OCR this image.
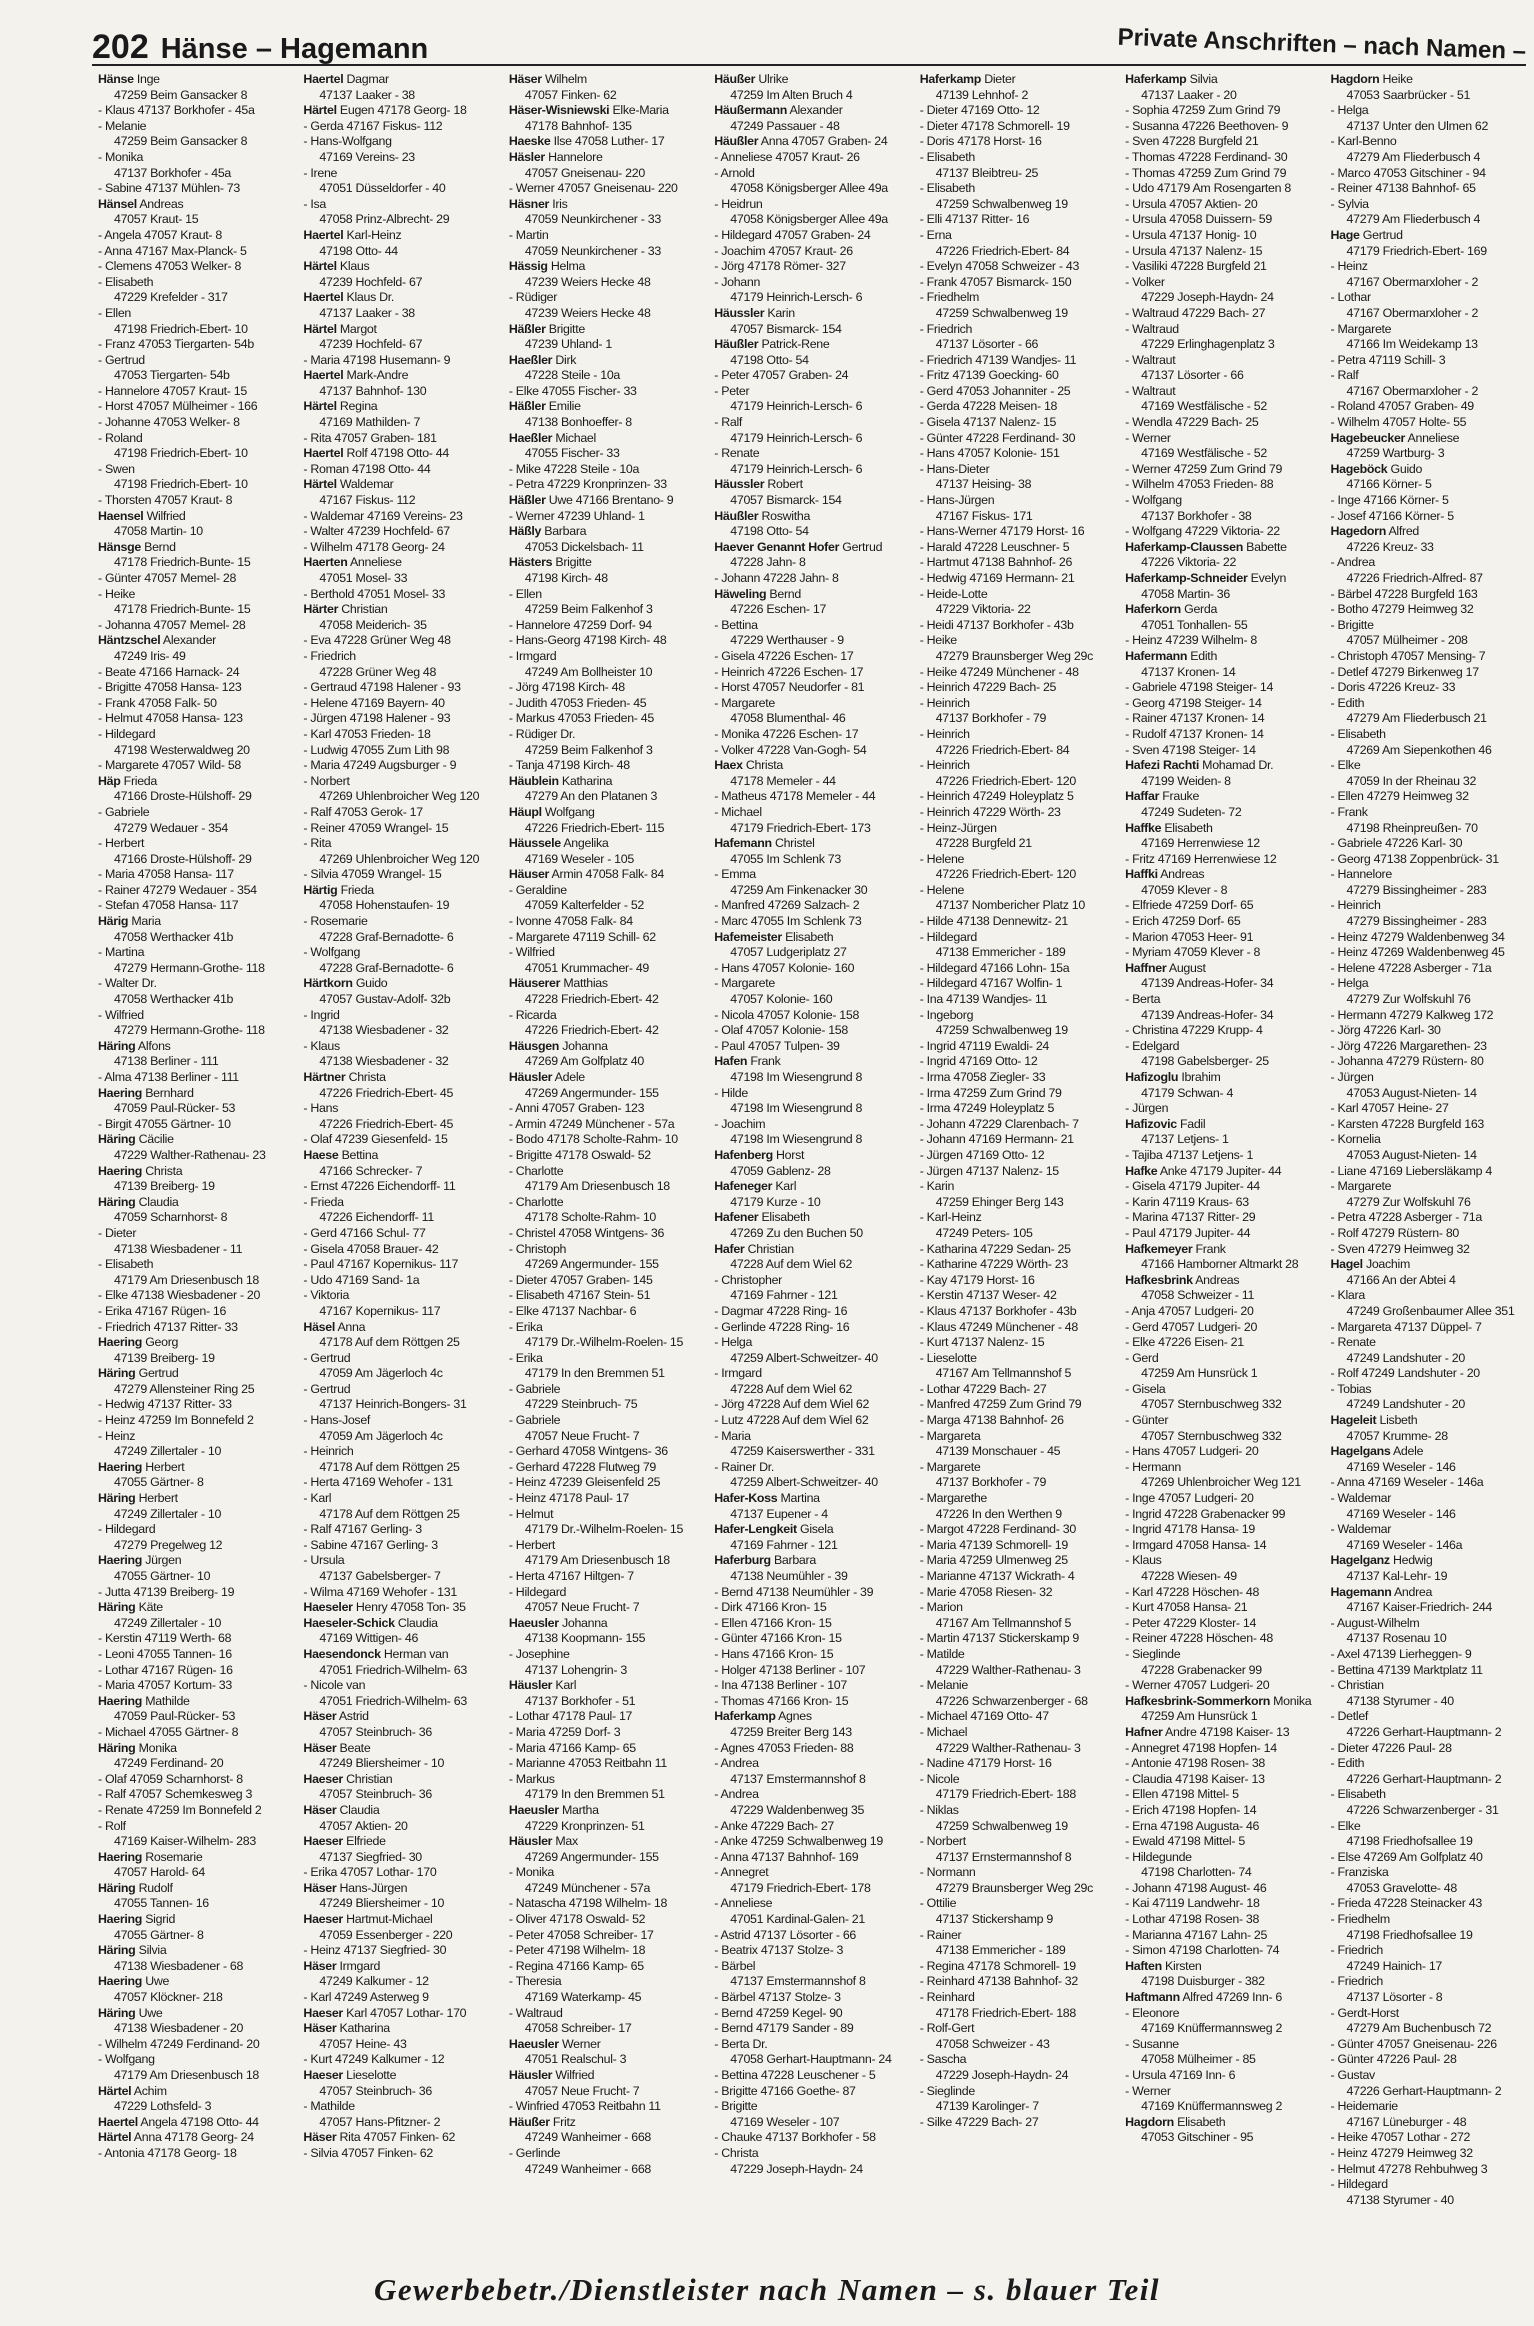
202 Hänse – Hagemann	Private Anschriften – nach Namen –
Hänse Inge
47259 Beim Gansacker 8
- Klaus 47137 Borkhofer - 45a
- Melanie
47259 Beim Gansacker 8
- Monika
47137 Borkhofer - 45a
- Sabine 47137 Mühlen- 73
Hänsel Andreas
47057 Kraut- 15
- Angela 47057 Kraut- 8
- Anna 47167 Max-Planck- 5
- Clemens 47053 Welker- 8
- Elisabeth
47229 Krefelder - 317
- Ellen
47198 Friedrich-Ebert- 10
- Franz 47053 Tiergarten- 54b
- Gertrud
47053 Tiergarten- 54b
- Hannelore 47057 Kraut- 15
- Horst 47057 Mülheimer - 166
- Johanne 47053 Welker- 8
- Roland
47198 Friedrich-Ebert- 10
- Swen
47198 Friedrich-Ebert- 10
- Thorsten 47057 Kraut- 8
Haensel Wilfried
47058 Martin- 10
Hänsge Bernd
47178 Friedrich-Bunte- 15
- Günter 47057 Memel- 28
- Heike
47178 Friedrich-Bunte- 15
- Johanna 47057 Memel- 28
Häntzschel Alexander
47249 Iris- 49
- Beate 47166 Harnack- 24
- Brigitte 47058 Hansa- 123
- Frank 47058 Falk- 50
- Helmut 47058 Hansa- 123
- Hildegard
47198 Westerwaldweg 20
- Margarete 47057 Wild- 58
Häp Frieda
47166 Droste-Hülshoff- 29
- Gabriele
47279 Wedauer - 354
- Herbert
47166 Droste-Hülshoff- 29
- Maria 47058 Hansa- 117
- Rainer 47279 Wedauer - 354
- Stefan 47058 Hansa- 117
Härig Maria
47058 Werthacker 41b
- Martina
47279 Hermann-Grothe- 118
- Walter Dr.
47058 Werthacker 41b
- Wilfried
47279 Hermann-Grothe- 118
Häring Alfons
47138 Berliner - 111
- Alma 47138 Berliner - 111
Haering Bernhard
47059 Paul-Rücker- 53
- Birgit 47055 Gärtner- 10
Häring Cäcilie
47229 Walther-Rathenau- 23
Haering Christa
47139 Breiberg- 19
Häring Claudia
47059 Scharnhorst- 8
- Dieter
47138 Wiesbadener - 11
- Elisabeth
47179 Am Driesenbusch 18
- Elke 47138 Wiesbadener - 20
- Erika 47167 Rügen- 16
- Friedrich 47137 Ritter- 33
Haering Georg
47139 Breiberg- 19
Häring Gertrud
47279 Allensteiner Ring 25
- Hedwig 47137 Ritter- 33
- Heinz 47259 Im Bonnefeld 2
- Heinz
47249 Zillertaler - 10
Haering Herbert
47055 Gärtner- 8
Häring Herbert
47249 Zillertaler - 10
- Hildegard
47279 Pregelweg 12
Haering Jürgen
47055 Gärtner- 10
- Jutta 47139 Breiberg- 19
Häring Käte
47249 Zillertaler - 10
- Kerstin 47119 Werth- 68
- Leoni 47055 Tannen- 16
- Lothar 47167 Rügen- 16
- Maria 47057 Kortum- 33
Haering Mathilde
47059 Paul-Rücker- 53
- Michael 47055 Gärtner- 8
Häring Monika
47249 Ferdinand- 20
- Olaf 47059 Scharnhorst- 8
- Ralf 47057 Schemkesweg 3
- Renate 47259 Im Bonnefeld 2
- Rolf
47169 Kaiser-Wilhelm- 283
Haering Rosemarie
47057 Harold- 64
Häring Rudolf
47055 Tannen- 16
Haering Sigrid
47055 Gärtner- 8
Häring Silvia
47138 Wiesbadener - 68
Haering Uwe
47057 Klöckner- 218
Häring Uwe
47138 Wiesbadener - 20
- Wilhelm 47249 Ferdinand- 20
- Wolfgang
47179 Am Driesenbusch 18
Härtel Achim
47229 Lothsfeld- 3
Haertel Angela 47198 Otto- 44
Härtel Anna 47178 Georg- 24
- Antonia 47178 Georg- 18
Haertel Dagmar
47137 Laaker - 38
Härtel Eugen 47178 Georg- 18
- Gerda 47167 Fiskus- 112
- Hans-Wolfgang
47169 Vereins- 23
- Irene
47051 Düsseldorfer - 40
- Isa
47058 Prinz-Albrecht- 29
Haertel Karl-Heinz
47198 Otto- 44
Härtel Klaus
47239 Hochfeld- 67
Haertel Klaus Dr.
47137 Laaker - 38
Härtel Margot
47239 Hochfeld- 67
- Maria 47198 Husemann- 9
Haertel Mark-Andre
47137 Bahnhof- 130
Härtel Regina
47169 Mathilden- 7
- Rita 47057 Graben- 181
Haertel Rolf 47198 Otto- 44
- Roman 47198 Otto- 44
Härtel Waldemar
47167 Fiskus- 112
- Waldemar 47169 Vereins- 23
- Walter 47239 Hochfeld- 67
- Wilhelm 47178 Georg- 24
Haerten Anneliese
47051 Mosel- 33
- Berthold 47051 Mosel- 33
Härter Christian
47058 Meiderich- 35
- Eva 47228 Grüner Weg 48
- Friedrich
47228 Grüner Weg 48
- Gertraud 47198 Halener - 93
- Helene 47169 Bayern- 40
- Jürgen 47198 Halener - 93
- Karl 47053 Frieden- 18
- Ludwig 47055 Zum Lith 98
- Maria 47249 Augsburger - 9
- Norbert
47269 Uhlenbroicher Weg 120
- Ralf 47053 Gerok- 17
- Reiner 47059 Wrangel- 15
- Rita
47269 Uhlenbroicher Weg 120
- Silvia 47059 Wrangel- 15
Härtig Frieda
47058 Hohenstaufen- 19
- Rosemarie
47228 Graf-Bernadotte- 6
- Wolfgang
47228 Graf-Bernadotte- 6
Härtkorn Guido
47057 Gustav-Adolf- 32b
- Ingrid
47138 Wiesbadener - 32
- Klaus
47138 Wiesbadener - 32
Härtner Christa
47226 Friedrich-Ebert- 45
- Hans
47226 Friedrich-Ebert- 45
- Olaf 47239 Giesenfeld- 15
Haese Bettina
47166 Schrecker- 7
- Ernst 47226 Eichendorff- 11
- Frieda
47226 Eichendorff- 11
- Gerd 47166 Schul- 77
- Gisela 47058 Brauer- 42
- Paul 47167 Kopernikus- 117
- Udo 47169 Sand- 1a
- Viktoria
47167 Kopernikus- 117
Häsel Anna
47178 Auf dem Röttgen 25
- Gertrud
47059 Am Jägerloch 4c
- Gertrud
47137 Heinrich-Bongers- 31
- Hans-Josef
47059 Am Jägerloch 4c
- Heinrich
47178 Auf dem Röttgen 25
- Herta 47169 Wehofer - 131
- Karl
47178 Auf dem Röttgen 25
- Ralf 47167 Gerling- 3
- Sabine 47167 Gerling- 3
- Ursula
47137 Gabelsberger- 7
- Wilma 47169 Wehofer - 131
Haeseler Henry 47058 Ton- 35
Haeseler-Schick Claudia
47169 Wittigen- 46
Haesendonck Herman van
47051 Friedrich-Wilhelm- 63
- Nicole van
47051 Friedrich-Wilhelm- 63
Häser Astrid
47057 Steinbruch- 36
Häser Beate
47249 Bliersheimer - 10
Haeser Christian
47057 Steinbruch- 36
Häser Claudia
47057 Aktien- 20
Haeser Elfriede
47137 Siegfried- 30
- Erika 47057 Lothar- 170
Häser Hans-Jürgen
47249 Bliersheimer - 10
Haeser Hartmut-Michael
47059 Essenberger - 220
- Heinz 47137 Siegfried- 30
Häser Irmgard
47249 Kalkumer - 12
- Karl 47249 Asterweg 9
Haeser Karl 47057 Lothar- 170
Häser Katharina
47057 Heine- 43
- Kurt 47249 Kalkumer - 12
Haeser Lieselotte
47057 Steinbruch- 36
- Mathilde
47057 Hans-Pfitzner- 2
Häser Rita 47057 Finken- 62
- Silvia 47057 Finken- 62
Häser Wilhelm
47057 Finken- 62
Häser-Wisniewski Elke-Maria
47178 Bahnhof- 135
Haeske Ilse 47058 Luther- 17
Häsler Hannelore
47057 Gneisenau- 220
- Werner 47057 Gneisenau- 220
Häsner Iris
47059 Neunkirchener - 33
- Martin
47059 Neunkirchener - 33
Hässig Helma
47239 Weiers Hecke 48
- Rüdiger
47239 Weiers Hecke 48
Häßler Brigitte
47239 Uhland- 1
Haeßler Dirk
47228 Steile - 10a
- Elke 47055 Fischer- 33
Häßler Emilie
47138 Bonhoeffer- 8
Haeßler Michael
47055 Fischer- 33
- Mike 47228 Steile - 10a
- Petra 47229 Kronprinzen- 33
Häßler Uwe 47166 Brentano- 9
- Werner 47239 Uhland- 1
Häßly Barbara
47053 Dickelsbach- 11
Hästers Brigitte
47198 Kirch- 48
- Ellen
47259 Beim Falkenhof 3
- Hannelore 47259 Dorf- 94
- Hans-Georg 47198 Kirch- 48
- Irmgard
47249 Am Bollheister 10
- Jörg 47198 Kirch- 48
- Judith 47053 Frieden- 45
- Markus 47053 Frieden- 45
- Rüdiger Dr.
47259 Beim Falkenhof 3
- Tanja 47198 Kirch- 48
Häublein Katharina
47279 An den Platanen 3
Häupl Wolfgang
47226 Friedrich-Ebert- 115
Häussele Angelika
47169 Weseler - 105
Häuser Armin 47058 Falk- 84
- Geraldine
47059 Kalterfelder - 52
- Ivonne 47058 Falk- 84
- Margarete 47119 Schill- 62
- Wilfried
47051 Krummacher- 49
Häuserer Matthias
47228 Friedrich-Ebert- 42
- Ricarda
47226 Friedrich-Ebert- 42
Häusgen Johanna
47269 Am Golfplatz 40
Häusler Adele
47269 Angermunder- 155
- Anni 47057 Graben- 123
- Armin 47249 Münchener - 57a
- Bodo 47178 Scholte-Rahm- 10
- Brigitte 47178 Oswald- 52
- Charlotte
47179 Am Driesenbusch 18
- Charlotte
47178 Scholte-Rahm- 10
- Christel 47058 Wintgens- 36
- Christoph
47269 Angermunder- 155
- Dieter 47057 Graben- 145
- Elisabeth 47167 Stein- 51
- Elke 47137 Nachbar- 6
- Erika
47179 Dr.-Wilhelm-Roelen- 15
- Erika
47179 In den Bremmen 51
- Gabriele
47229 Steinbruch- 75
- Gabriele
47057 Neue Frucht- 7
- Gerhard 47058 Wintgens- 36
- Gerhard 47228 Flutweg 79
- Heinz 47239 Gleisenfeld 25
- Heinz 47178 Paul- 17
- Helmut
47179 Dr.-Wilhelm-Roelen- 15
- Herbert
47179 Am Driesenbusch 18
- Herta 47167 Hiltgen- 7
- Hildegard
47057 Neue Frucht- 7
Haeusler Johanna
47138 Koopmann- 155
- Josephine
47137 Lohengrin- 3
Häusler Karl
47137 Borkhofer - 51
- Lothar 47178 Paul- 17
- Maria 47259 Dorf- 3
- Maria 47166 Kamp- 65
- Marianne 47053 Reitbahn 11
- Markus
47179 In den Bremmen 51
Haeusler Martha
47229 Kronprinzen- 51
Häusler Max
47269 Angermunder- 155
- Monika
47249 Münchener - 57a
- Natascha 47198 Wilhelm- 18
- Oliver 47178 Oswald- 52
- Peter 47058 Schreiber- 17
- Peter 47198 Wilhelm- 18
- Regina 47166 Kamp- 65
- Theresia
47169 Waterkamp- 45
- Waltraud
47058 Schreiber- 17
Haeusler Werner
47051 Realschul- 3
Häusler Wilfried
47057 Neue Frucht- 7
- Winfried 47053 Reitbahn 11
Häußer Fritz
47249 Wanheimer - 668
- Gerlinde
47249 Wanheimer - 668
Häußer Ulrike
47259 Im Alten Bruch 4
Häußermann Alexander
47249 Passauer - 48
Häußler Anna 47057 Graben- 24
- Anneliese 47057 Kraut- 26
- Arnold
47058 Königsberger Allee 49a
- Heidrun
47058 Königsberger Allee 49a
- Hildegard 47057 Graben- 24
- Joachim 47057 Kraut- 26
- Jörg 47178 Römer- 327
- Johann
47179 Heinrich-Lersch- 6
Häussler Karin
47057 Bismarck- 154
Häußler Patrick-Rene
47198 Otto- 54
- Peter 47057 Graben- 24
- Peter
47179 Heinrich-Lersch- 6
- Ralf
47179 Heinrich-Lersch- 6
- Renate
47179 Heinrich-Lersch- 6
Häussler Robert
47057 Bismarck- 154
Häußler Roswitha
47198 Otto- 54
Haever Genannt Hofer Gertrud
47228 Jahn- 8
- Johann 47228 Jahn- 8
Häweling Bernd
47226 Eschen- 17
- Bettina
47229 Werthauser - 9
- Gisela 47226 Eschen- 17
- Heinrich 47226 Eschen- 17
- Horst 47057 Neudorfer - 81
- Margarete
47058 Blumenthal- 46
- Monika 47226 Eschen- 17
- Volker 47228 Van-Gogh- 54
Haex Christa
47178 Memeler - 44
- Matheus 47178 Memeler - 44
- Michael
47179 Friedrich-Ebert- 173
Hafemann Christel
47055 Im Schlenk 73
- Emma
47259 Am Finkenacker 30
- Manfred 47269 Salzach- 2
- Marc 47055 Im Schlenk 73
Hafemeister Elisabeth
47057 Ludgeriplatz 27
- Hans 47057 Kolonie- 160
- Margarete
47057 Kolonie- 160
- Nicola 47057 Kolonie- 158
- Olaf 47057 Kolonie- 158
- Paul 47057 Tulpen- 39
Hafen Frank
47198 Im Wiesengrund 8
- Hilde
47198 Im Wiesengrund 8
- Joachim
47198 Im Wiesengrund 8
Hafenberg Horst
47059 Gablenz- 28
Hafeneger Karl
47179 Kurze - 10
Hafener Elisabeth
47269 Zu den Buchen 50
Hafer Christian
47228 Auf dem Wiel 62
- Christopher
47169 Fahrner - 121
- Dagmar 47228 Ring- 16
- Gerlinde 47228 Ring- 16
- Helga
47259 Albert-Schweitzer- 40
- Irmgard
47228 Auf dem Wiel 62
- Jörg 47228 Auf dem Wiel 62
- Lutz 47228 Auf dem Wiel 62
- Maria
47259 Kaiserswerther - 331
- Rainer Dr.
47259 Albert-Schweitzer- 40
Hafer-Koss Martina
47137 Eupener - 4
Hafer-Lengkeit Gisela
47169 Fahrner - 121
Haferburg Barbara
47138 Neumühler - 39
- Bernd 47138 Neumühler - 39
- Dirk 47166 Kron- 15
- Ellen 47166 Kron- 15
- Günter 47166 Kron- 15
- Hans 47166 Kron- 15
- Holger 47138 Berliner - 107
- Ina 47138 Berliner - 107
- Thomas 47166 Kron- 15
Haferkamp Agnes
47259 Breiter Berg 143
- Agnes 47053 Frieden- 88
- Andrea
47137 Emstermannshof 8
- Andrea
47229 Waldenbenweg 35
- Anke 47229 Bach- 27
- Anke 47259 Schwalbenweg 19
- Anna 47137 Bahnhof- 169
- Annegret
47179 Friedrich-Ebert- 178
- Anneliese
47051 Kardinal-Galen- 21
- Astrid 47137 Lösorter - 66
- Beatrix 47137 Stolze- 3
- Bärbel
47137 Emstermannshof 8
- Bärbel 47137 Stolze- 3
- Bernd 47259 Kegel- 90
- Bernd 47179 Sander - 89
- Berta Dr.
47058 Gerhart-Hauptmann- 24
- Bettina 47228 Leuschener - 5
- Brigitte 47166 Goethe- 87
- Brigitte
47169 Weseler - 107
- Chauke 47137 Borkhofer - 58
- Christa
47229 Joseph-Haydn- 24
Haferkamp Dieter
47139 Lehnhof- 2
- Dieter 47169 Otto- 12
- Dieter 47178 Schmorell- 19
- Doris 47178 Horst- 16
- Elisabeth
47137 Bleibtreu- 25
- Elisabeth
47259 Schwalbenweg 19
- Elli 47137 Ritter- 16
- Erna
47226 Friedrich-Ebert- 84
- Evelyn 47058 Schweizer - 43
- Frank 47057 Bismarck- 150
- Friedhelm
47259 Schwalbenweg 19
- Friedrich
47137 Lösorter - 66
- Friedrich 47139 Wandjes- 11
- Fritz 47139 Goecking- 60
- Gerd 47053 Johanniter - 25
- Gerda 47228 Meisen- 18
- Gisela 47137 Nalenz- 15
- Günter 47228 Ferdinand- 30
- Hans 47057 Kolonie- 151
- Hans-Dieter
47137 Heising- 38
- Hans-Jürgen
47167 Fiskus- 171
- Hans-Werner 47179 Horst- 16
- Harald 47228 Leuschner- 5
- Hartmut 47138 Bahnhof- 26
- Hedwig 47169 Hermann- 21
- Heide-Lotte
47229 Viktoria- 22
- Heidi 47137 Borkhofer - 43b
- Heike
47279 Braunsberger Weg 29c
- Heike 47249 Münchener - 48
- Heinrich 47229 Bach- 25
- Heinrich
47137 Borkhofer - 79
- Heinrich
47226 Friedrich-Ebert- 84
- Heinrich
47226 Friedrich-Ebert- 120
- Heinrich 47249 Holeyplatz 5
- Heinrich 47229 Wörth- 23
- Heinz-Jürgen
47228 Burgfeld 21
- Helene
47226 Friedrich-Ebert- 120
- Helene
47137 Nombericher Platz 10
- Hilde 47138 Dennewitz- 21
- Hildegard
47138 Emmericher - 189
- Hildegard 47166 Lohn- 15a
- Hildegard 47167 Wolfin- 1
- Ina 47139 Wandjes- 11
- Ingeborg
47259 Schwalbenweg 19
- Ingrid 47119 Ewaldi- 24
- Ingrid 47169 Otto- 12
- Irma 47058 Ziegler- 33
- Irma 47259 Zum Grind 79
- Irma 47249 Holeyplatz 5
- Johann 47229 Clarenbach- 7
- Johann 47169 Hermann- 21
- Jürgen 47169 Otto- 12
- Jürgen 47137 Nalenz- 15
- Karin
47259 Ehinger Berg 143
- Karl-Heinz
47249 Peters- 105
- Katharina 47229 Sedan- 25
- Katharine 47229 Wörth- 23
- Kay 47179 Horst- 16
- Kerstin 47137 Weser- 42
- Klaus 47137 Borkhofer - 43b
- Klaus 47249 Münchener - 48
- Kurt 47137 Nalenz- 15
- Lieselotte
47167 Am Tellmannshof 5
- Lothar 47229 Bach- 27
- Manfred 47259 Zum Grind 79
- Marga 47138 Bahnhof- 26
- Margareta
47139 Monschauer - 45
- Margarete
47137 Borkhofer - 79
- Margarethe
47226 In den Werthen 9
- Margot 47228 Ferdinand- 30
- Maria 47139 Schmorell- 19
- Maria 47259 Ulmenweg 25
- Marianne 47137 Wickrath- 4
- Marie 47058 Riesen- 32
- Marion
47167 Am Tellmannshof 5
- Martin 47137 Stickerskamp 9
- Matilde
47229 Walther-Rathenau- 3
- Melanie
47226 Schwarzenberger - 68
- Michael 47169 Otto- 47
- Michael
47229 Walther-Rathenau- 3
- Nadine 47179 Horst- 16
- Nicole
47179 Friedrich-Ebert- 188
- Niklas
47259 Schwalbenweg 19
- Norbert
47137 Ernstermannshof 8
- Normann
47279 Braunsberger Weg 29c
- Ottilie
47137 Stickershamp 9
- Rainer
47138 Emmericher - 189
- Regina 47178 Schmorell- 19
- Reinhard 47138 Bahnhof- 32
- Reinhard
47178 Friedrich-Ebert- 188
- Rolf-Gert
47058 Schweizer - 43
- Sascha
47229 Joseph-Haydn- 24
- Sieglinde
47139 Karolinger- 7
- Silke 47229 Bach- 27
Haferkamp Silvia
47137 Laaker - 20
- Sophia 47259 Zum Grind 79
- Susanna 47226 Beethoven- 9
- Sven 47228 Burgfeld 21
- Thomas 47228 Ferdinand- 30
- Thomas 47259 Zum Grind 79
- Udo 47179 Am Rosengarten 8
- Ursula 47057 Aktien- 20
- Ursula 47058 Duissern- 59
- Ursula 47137 Honig- 10
- Ursula 47137 Nalenz- 15
- Vasiliki 47228 Burgfeld 21
- Volker
47229 Joseph-Haydn- 24
- Waltraud 47229 Bach- 27
- Waltraud
47229 Erlinghagenplatz 3
- Waltraut
47137 Lösorter - 66
- Waltraut
47169 Westfälische - 52
- Wendla 47229 Bach- 25
- Werner
47169 Westfälische - 52
- Werner 47259 Zum Grind 79
- Wilhelm 47053 Frieden- 88
- Wolfgang
47137 Borkhofer - 38
- Wolfgang 47229 Viktoria- 22
Haferkamp-Claussen Babette
47226 Viktoria- 22
Haferkamp-Schneider Evelyn
47058 Martin- 36
Haferkorn Gerda
47051 Tonhallen- 55
- Heinz 47239 Wilhelm- 8
Hafermann Edith
47137 Kronen- 14
- Gabriele 47198 Steiger- 14
- Georg 47198 Steiger- 14
- Rainer 47137 Kronen- 14
- Rudolf 47137 Kronen- 14
- Sven 47198 Steiger- 14
Hafezi Rachti Mohamad Dr.
47199 Weiden- 8
Haffar Frauke
47249 Sudeten- 72
Haffke Elisabeth
47169 Herrenwiese 12
- Fritz 47169 Herrenwiese 12
Haffki Andreas
47059 Klever - 8
- Elfriede 47259 Dorf- 65
- Erich 47259 Dorf- 65
- Marion 47053 Heer- 91
- Myriam 47059 Klever - 8
Haffner August
47139 Andreas-Hofer- 34
- Berta
47139 Andreas-Hofer- 34
- Christina 47229 Krupp- 4
- Edelgard
47198 Gabelsberger- 25
Hafizoglu Ibrahim
47179 Schwan- 4
- Jürgen
Hafizovic Fadil
47137 Letjens- 1
- Tajiba 47137 Letjens- 1
Hafke Anke 47179 Jupiter- 44
- Gisela 47179 Jupiter- 44
- Karin 47119 Kraus- 63
- Marina 47137 Ritter- 29
- Paul 47179 Jupiter- 44
Hafkemeyer Frank
47166 Hamborner Altmarkt 28
Hafkesbrink Andreas
47058 Schweizer - 11
- Anja 47057 Ludgeri- 20
- Gerd 47057 Ludgeri- 20
- Elke 47226 Eisen- 21
- Gerd
47259 Am Hunsrück 1
- Gisela
47057 Sternbuschweg 332
- Günter
47057 Sternbuschweg 332
- Hans 47057 Ludgeri- 20
- Hermann
47269 Uhlenbroicher Weg 121
- Inge 47057 Ludgeri- 20
- Ingrid 47228 Grabenacker 99
- Ingrid 47178 Hansa- 19
- Irmgard 47058 Hansa- 14
- Klaus
47228 Wiesen- 49
- Karl 47228 Höschen- 48
- Kurt 47058 Hansa- 21
- Peter 47229 Kloster- 14
- Reiner 47228 Höschen- 48
- Sieglinde
47228 Grabenacker 99
- Werner 47057 Ludgeri- 20
Hafkesbrink-Sommerkorn Monika
47259 Am Hunsrück 1
Hafner Andre 47198 Kaiser- 13
- Annegret 47198 Hopfen- 14
- Antonie 47198 Rosen- 38
- Claudia 47198 Kaiser- 13
- Ellen 47198 Mittel- 5
- Erich 47198 Hopfen- 14
- Erna 47198 Augusta- 46
- Ewald 47198 Mittel- 5
- Hildegunde
47198 Charlotten- 74
- Johann 47198 August- 46
- Kai 47119 Landwehr- 18
- Lothar 47198 Rosen- 38
- Marianna 47167 Lahn- 25
- Simon 47198 Charlotten- 74
Haften Kirsten
47198 Duisburger - 382
Haftmann Alfred 47269 Inn- 6
- Eleonore
47169 Knüffermannsweg 2
- Susanne
47058 Mülheimer - 85
- Ursula 47169 Inn- 6
- Werner
47169 Knüffermannsweg 2
Hagdorn Elisabeth
47053 Gitschiner - 95
Hagdorn Heike
47053 Saarbrücker - 51
- Helga
47137 Unter den Ulmen 62
- Karl-Benno
47279 Am Fliederbusch 4
- Marco 47053 Gitschiner - 94
- Reiner 47138 Bahnhof- 65
- Sylvia
47279 Am Fliederbusch 4
Hage Gertrud
47179 Friedrich-Ebert- 169
- Heinz
47167 Obermarxloher - 2
- Lothar
47167 Obermarxloher - 2
- Margarete
47166 Im Weidekamp 13
- Petra 47119 Schill- 3
- Ralf
47167 Obermarxloher - 2
- Roland 47057 Graben- 49
- Wilhelm 47057 Holte- 55
Hagebeucker Anneliese
47259 Wartburg- 3
Hageböck Guido
47166 Körner- 5
- Inge 47166 Körner- 5
- Josef 47166 Körner- 5
Hagedorn Alfred
47226 Kreuz- 33
- Andrea
47226 Friedrich-Alfred- 87
- Bärbel 47228 Burgfeld 163
- Botho 47279 Heimweg 32
- Brigitte
47057 Mülheimer - 208
- Christoph 47057 Mensing- 7
- Detlef 47279 Birkenweg 17
- Doris 47226 Kreuz- 33
- Edith
47279 Am Fliederbusch 21
- Elisabeth
47269 Am Siepenkothen 46
- Elke
47059 In der Rheinau 32
- Ellen 47279 Heimweg 32
- Frank
47198 Rheinpreußen- 70
- Gabriele 47226 Karl- 30
- Georg 47138 Zoppenbrück- 31
- Hannelore
47279 Bissingheimer - 283
- Heinrich
47279 Bissingheimer - 283
- Heinz 47279 Waldenbenweg 34
- Heinz 47269 Waldenbenweg 45
- Helene 47228 Asberger - 71a
- Helga
47279 Zur Wolfskuhl 76
- Hermann 47279 Kalkweg 172
- Jörg 47226 Karl- 30
- Jörg 47226 Margarethen- 23
- Johanna 47279 Rüstern- 80
- Jürgen
47053 August-Nieten- 14
- Karl 47057 Heine- 27
- Karsten 47228 Burgfeld 163
- Kornelia
47053 August-Nieten- 14
- Liane 47169 Liebersläkamp 4
- Margarete
47279 Zur Wolfskuhl 76
- Petra 47228 Asberger - 71a
- Rolf 47279 Rüstern- 80
- Sven 47279 Heimweg 32
Hagel Joachim
47166 An der Abtei 4
- Klara
47249 Großenbaumer Allee 351
- Margareta 47137 Düppel- 7
- Renate
47249 Landshuter - 20
- Rolf 47249 Landshuter - 20
- Tobias
47249 Landshuter - 20
Hageleit Lisbeth
47057 Krumme- 28
Hagelgans Adele
47169 Weseler - 146
- Anna 47169 Weseler - 146a
- Waldemar
47169 Weseler - 146
- Waldemar
47169 Weseler - 146a
Hagelganz Hedwig
47137 Kal-Lehr- 19
Hagemann Andrea
47167 Kaiser-Friedrich- 244
- August-Wilhelm
47137 Rosenau 10
- Axel 47139 Lierheggen- 9
- Bettina 47139 Marktplatz 11
- Christian
47138 Styrumer - 40
- Detlef
47226 Gerhart-Hauptmann- 2
- Dieter 47226 Paul- 28
- Edith
47226 Gerhart-Hauptmann- 2
- Elisabeth
47226 Schwarzenberger - 31
- Elke
47198 Friedhofsallee 19
- Else 47269 Am Golfplatz 40
- Franziska
47053 Gravelotte- 48
- Frieda 47228 Steinacker 43
- Friedhelm
47198 Friedhofsallee 19
- Friedrich
47249 Hainich- 17
- Friedrich
47137 Lösorter - 8
- Gerdt-Horst
47279 Am Buchenbusch 72
- Günter 47057 Gneisenau- 226
- Günter 47226 Paul- 28
- Gustav
47226 Gerhart-Hauptmann- 2
- Heidemarie
47167 Lüneburger - 48
- Heike 47057 Lothar - 272
- Heinz 47279 Heimweg 32
- Helmut 47278 Rehbuhweg 3
- Hildegard
47138 Styrumer - 40
Gewerbebetr./Dienstleister nach Namen – s. blauer Teil
